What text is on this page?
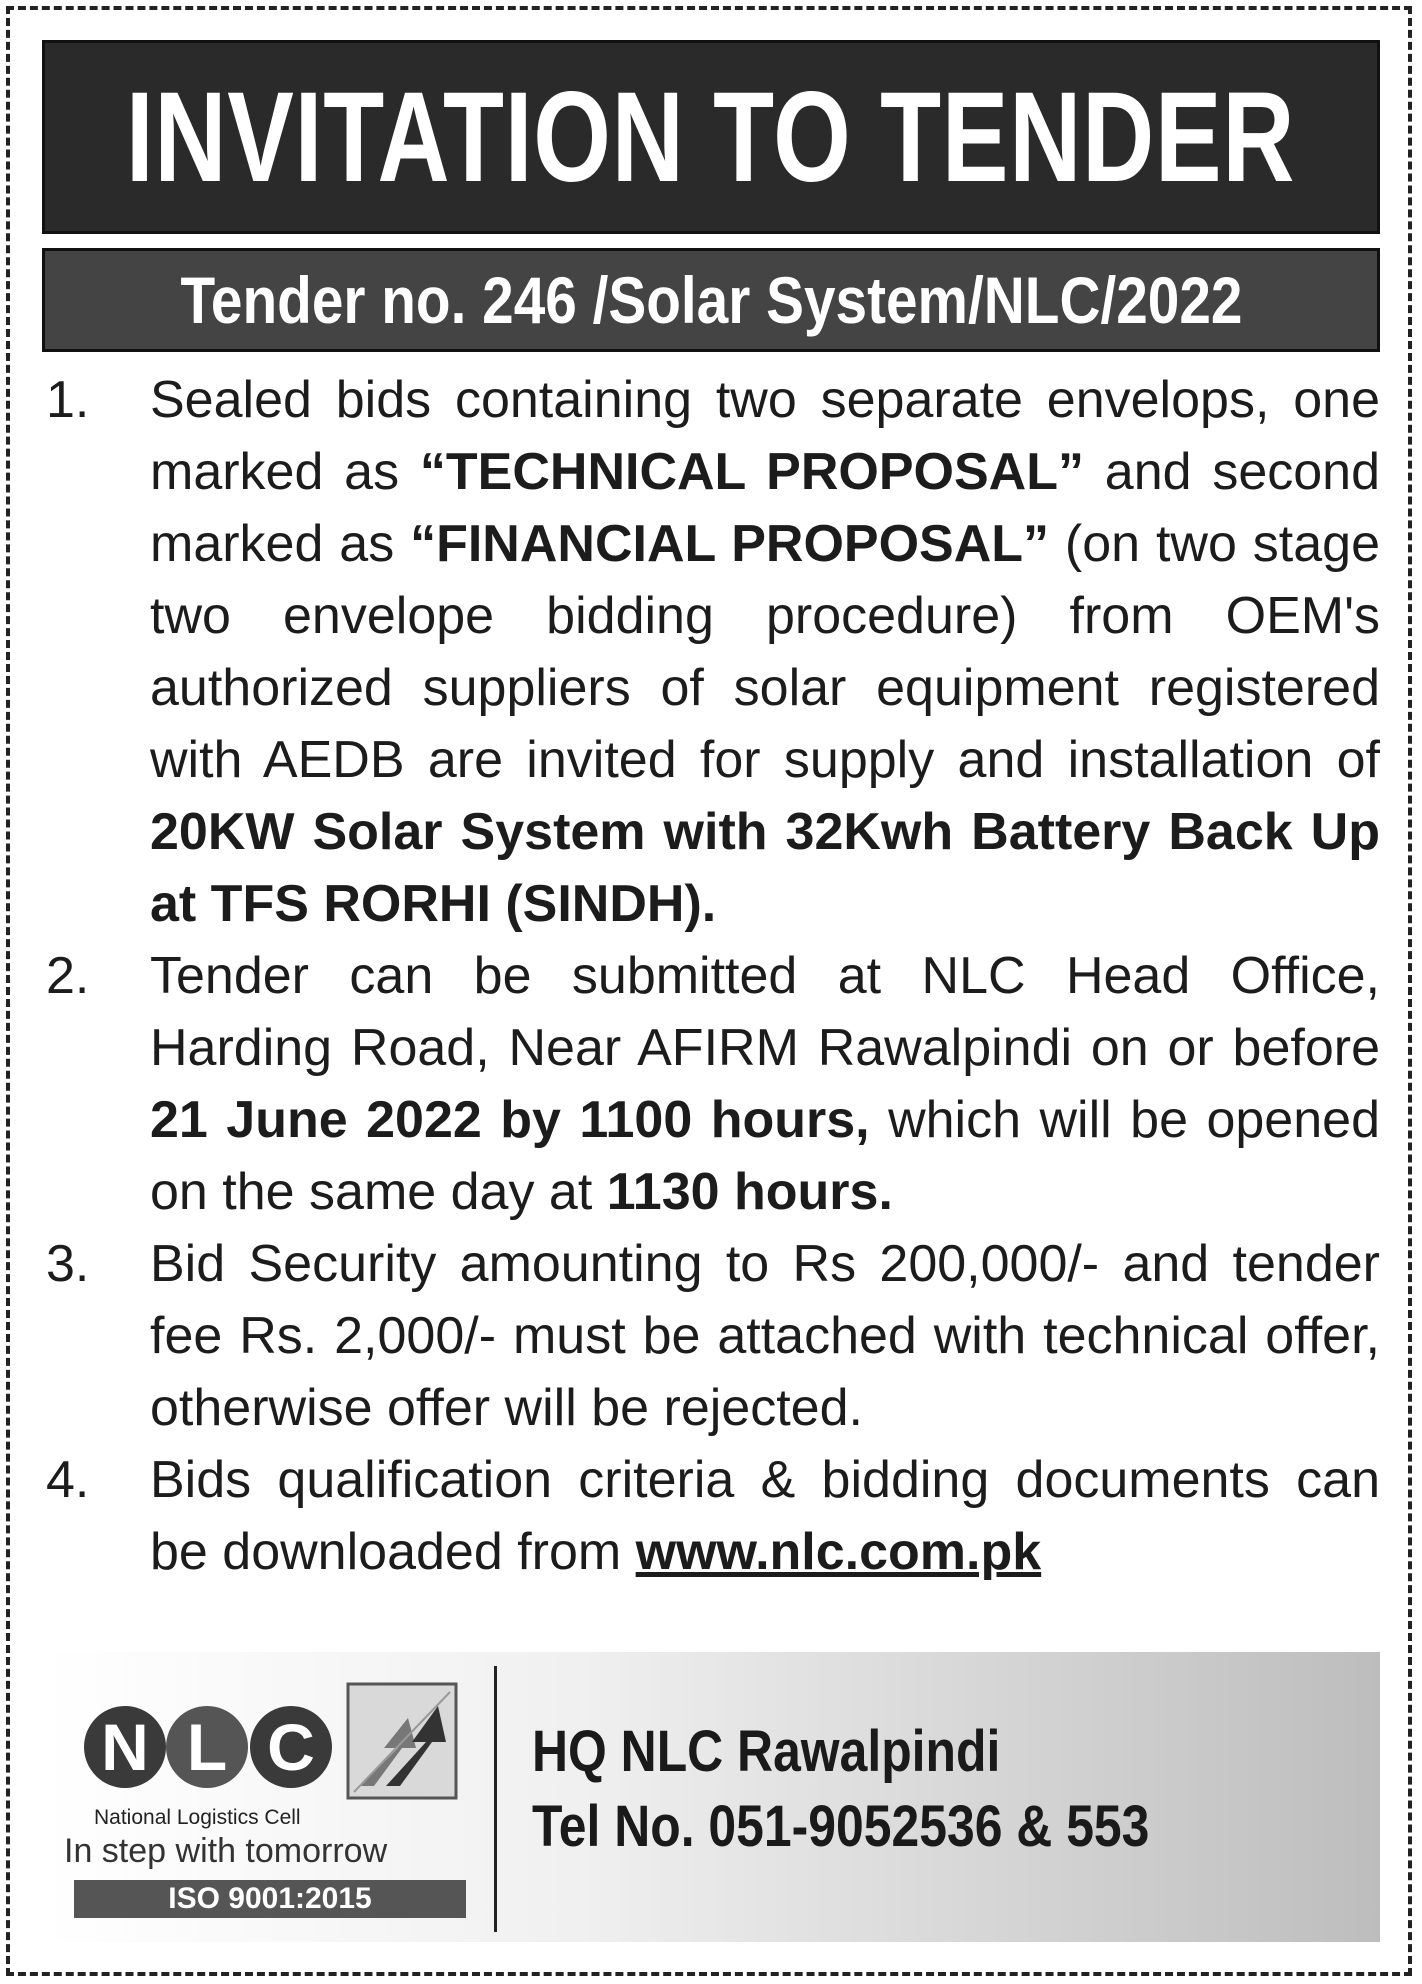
INVITATION TO TENDER
Tender no. 246 /Solar System/NLC/2022
1.	Sealed bids containing two separate envelops, one marked as “TECHNICAL PROPOSAL” and second marked as “FINANCIAL PROPOSAL” (on two stage two envelope bidding procedure) from OEM's authorized suppliers of solar equipment registered with AEDB are invited for supply and installation of 20KW Solar System with 32Kwh Battery Back Up at TFS RORHI (SINDH).
2.	Tender can be submitted at NLC Head Office, Harding Road, Near AFIRM Rawalpindi on or before 21 June 2022 by 1100 hours, which will be opened on the same day at 1130 hours.
3.	Bid Security amounting to Rs 200,000/- and tender fee Rs. 2,000/- must be attached with technical offer, otherwise offer will be rejected.
4.	Bids qualification criteria & bidding documents can be downloaded from www.nlc.com.pk
N L C
National Logistics Cell
In step with tomorrow
ISO 9001:2015
HQ NLC Rawalpindi
Tel No. 051-9052536 & 553
